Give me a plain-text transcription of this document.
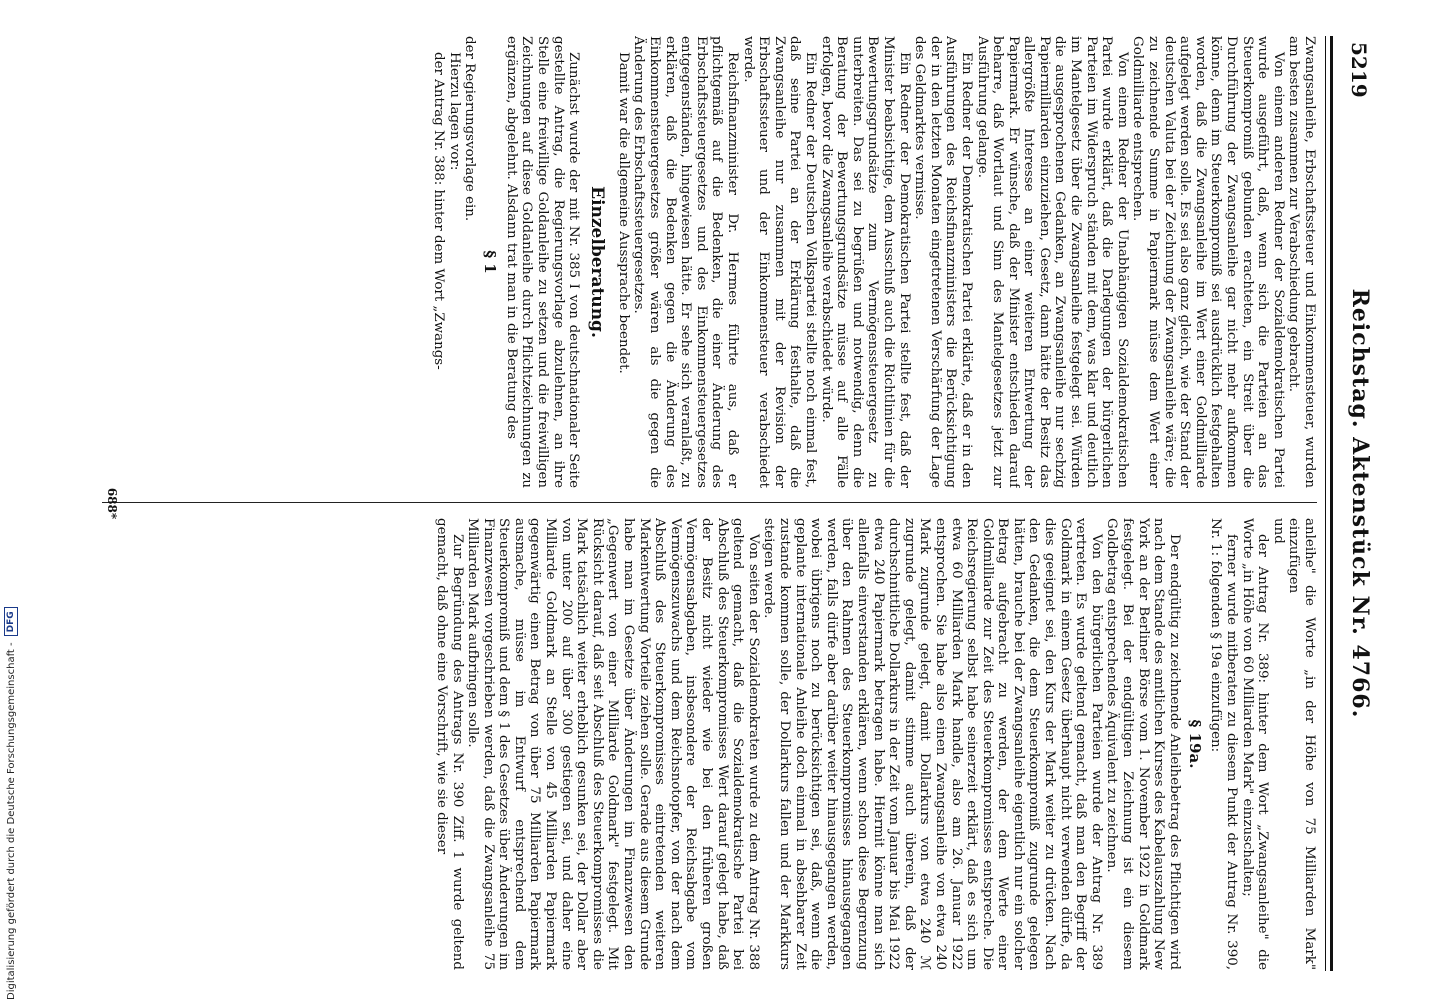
5219
Reichstag. Aktenstück Nr. 4766.

Zwangsanleihe, Erbschaftssteuer und Einkommensteuer, wurden am besten zusammen zur Verabschiedung gebracht.

Von einem anderen Redner der Sozialdemokratischen Partei wurde ausgeführt, daß, wenn sich die Parteien an das Steuerkompromiß gebunden erachteten, ein Streit über die Durchführung der Zwangsanleihe gar nicht mehr aufkommen könne, denn im Steuerkompromiß sei ausdrücklich festgehalten worden, daß die Zwangsanleihe im Wert einer Goldmilliarde aufgelegt werden solle. Es sei also ganz gleich, wie der Stand der deutschen Valuta bei der Zeichnung der Zwangsanleihe wäre; die zu zeichnende Summe in Papiermark müsse dem Wert einer Goldmilliarde entsprechen.

Von einem Redner der Unabhängigen Sozialdemokratischen Partei wurde erklärt, daß die Darlegungen der bürgerlichen Parteien im Widerspruch ständen mit dem, was klar und deutlich im Mantelgesetz über die Zwangsanleihe festgelegt sei. Würden die ausgesprochenen Gedanken, an Zwangsanleihe nur sechzig Papiermilliarden einzuziehen, Gesetz, dann hätte der Besitz das allergrößte Interesse an einer weiteren Entwertung der Papiermark. Er wünsche, daß der Minister entschieden darauf beharre, daß Wortlaut und Sinn des Mantelgesetzes jetzt zur Ausführung gelange.

Ein Redner der Demokratischen Partei erklärte, daß er in den Ausführungen des Reichsfinanzministers die Berücksichtigung der in den letzten Monaten eingetretenen Verschärfung der Lage des Geldmarktes vermisse.

Ein Redner der Demokratischen Partei stellte fest, daß der Minister beabsichtige, dem Ausschuß auch die Richtlinien für die Bewertungsgrundsätze zum Vermögenssteuergesetz zu unterbreiten. Das sei zu begrüßen und notwendig, denn die Beratung der Bewertungsgrundsätze müsse auf alle Fälle erfolgen, bevor die Zwangsanleihe verabschiedet würde.

Ein Redner der Deutschen Volkspartei stellte noch einmal fest, daß seine Partei an der Erklärung festhalte, daß die Zwangsanleihe nur zusammen mit der Revision der Erbschaftssteuer und der Einkommensteuer verabschiedet werde.

Reichsfinanzminister Dr. Hermes führte aus, daß er pflichtgemäß auf die Bedenken, die einer Änderung des Erbschaftssteuergesetzes und des Einkommensteuergesetzes entgegenständen, hingewiesen hätte. Er sehe sich veranlaßt, zu erklären, daß die Bedenken gegen die Änderung des Einkommensteuergesetzes größer wären als die gegen die Änderung des Erbschaftssteuergesetzes.

Damit war die allgemeine Aussprache beendet.

Einzelberatung.

Zunächst wurde der mit Nr. 385 I von deutschnationaler Seite gestellte Antrag, die Regierungsvorlage abzulehnen, an ihre Stelle eine freiwillige Goldanleihe zu setzen und die freiwilligen Zeichnungen auf diese Goldanleihe durch Pflichtzeichnungen zu ergänzen, abgelehnt. Alsdann trat man in die Beratung des

§ 1

der Regierungsvorlage ein.

Hierzu lagen vor:

der Antrag Nr. 388: hinter dem Wort „Zwangs-

anleihe" die Worte „in der Höhe von 75 Milliarden Mark" einzufügen

und

der Antrag Nr. 389: hinter dem Wort „Zwangsanleihe" die Worte „in Höhe von 60 Milliarden Mark" einzuschalten;

ferner wurde mitberaten zu diesem Punkt der Antrag Nr. 390, Nr. 1: folgenden § 19a einzufügen:

§ 19a.

Der endgültig zu zeichnende Anleihebetrag des Pflichtigen wird nach dem Stande des amtlichen Kurses des Kabelauszahlung New York an der Berliner Börse vom 1. November 1922 in Goldmark festgelegt. Bei der endgültigen Zeichnung ist ein diesem Goldbetrag entsprechendes Äquivalent zu zeichnen.

Von den bürgerlichen Parteien wurde der Antrag Nr. 389 vertreten. Es wurde geltend gemacht, daß man den Begriff der Goldmark in einem Gesetz überhaupt nicht verwenden dürfe, da dies geeignet sei, den Kurs der Mark weiter zu drücken. Nach den Gedanken, die dem Steuerkompromiß zugrunde gelegen hätten, brauche bei der Zwangsanleihe eigentlich nur ein solcher Betrag aufgebracht zu werden, der dem Werte einer Goldmilliarde zur Zeit des Steuerkompromisses entspreche. Die Reichsregierung selbst habe seinerzeit erklärt, daß es sich um etwa 60 Milliarden Mark handle, also am 26. Januar 1922 entsprochen. Sie habe also einen Zwangsanleihe von etwa 240 Mark zugrunde gelegt, damit Dollarkurs von etwa 240 ℳ zugrunde gelegt, damit stimme auch überein, daß der durchschnittliche Dollarkurs in der Zeit vom Januar bis Mai 1922 etwa 240 Papiermark betragen habe. Hiermit könne man sich allenfalls einverstanden erklären, wenn schon diese Begrenzung über den Rahmen des Steuerkompromisses hinausgegangen werden, falls dürfe aber darüber weiter hinausgegangen werden, wobei übrigens noch zu berücksichtigen sei, daß, wenn die geplante internationale Anleihe doch einmal in absehbarer Zeit zustande kommen solle, der Dollarkurs fallen und der Markkurs steigen werde.

Von seiten der Sozialdemokraten wurde zu dem Antrag Nr. 388 geltend gemacht, daß die Sozialdemokratische Partei bei Abschluß des Steuerkompromisses Wert darauf gelegt habe, daß der Besitz nicht wieder wie bei den früheren großen Vermögensabgaben, insbesondere der Reichsabgabe vom Vermögenszuwachs und dem Reichsnotopfer, von der nach dem Abschluß des Steuerkompromisses eintretenden weiteren Markentwertung Vorteile ziehen solle. Gerade aus diesem Grunde habe man im Gesetze über Änderungen im Finanzwesen den „Gegenwert von einer Milliarde Goldmark" festgelegt. Mit Rücksicht darauf, daß seit Abschluß des Steuerkompromisses die Mark tatsächlich weiter erheblich gesunken sei, der Dollar aber von unter 200 auf über 300 gestiegen sei, und daher eine Milliarde Goldmark an Stelle von 45 Milliarden Papiermark gegenwärtig einen Betrag von über 75 Milliarden Papiermark ausmache, müsse im Entwurf entsprechend dem Steuerkompromiß und dem § 1 des Gesetzes über Änderungen im Finanzwesen vorgeschrieben werden, daß die Zwangsanleihe 75 Milliarden Mark aufbringen solle.

Zur Begründung des Antrags Nr. 390 Ziff. 1 wurde geltend gemacht, daß ohne eine Vorschrift, wie sie dieser

688*
Digitalisierung gefördert durch die Deutsche Forschungsgemeinschaft -
DFG
